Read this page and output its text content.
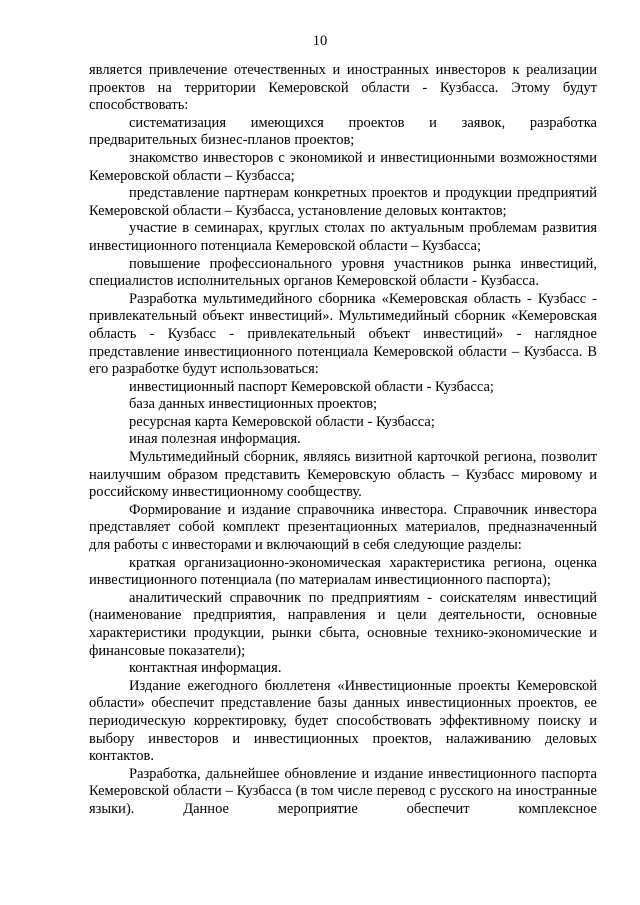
10

является привлечение отечественных и иностранных инвесторов к реализации проектов на территории Кемеровской области - Кузбасса. Этому будут способствовать:

систематизация имеющихся проектов и заявок, разработка предварительных бизнес-планов проектов;

знакомство инвесторов с экономикой и инвестиционными возможностями Кемеровской области – Кузбасса;

представление партнерам конкретных проектов и продукции предприятий Кемеровской области – Кузбасса, установление деловых контактов;

участие в семинарах, круглых столах по актуальным проблемам развития инвестиционного потенциала Кемеровской области – Кузбасса;

повышение профессионального уровня участников рынка инвестиций, специалистов исполнительных органов Кемеровской области - Кузбасса.

Разработка мультимедийного сборника «Кемеровская область - Кузбасс - привлекательный объект инвестиций». Мультимедийный сборник «Кемеровская область - Кузбасс - привлекательный объект инвестиций» - наглядное представление инвестиционного потенциала Кемеровской области – Кузбасса. В его разработке будут использоваться:

инвестиционный паспорт Кемеровской области - Кузбасса;

база данных инвестиционных проектов;

ресурсная карта Кемеровской области - Кузбасса;

иная полезная информация.

Мультимедийный сборник, являясь визитной карточкой региона, позволит наилучшим образом представить Кемеровскую область – Кузбасс мировому и российскому инвестиционному сообществу.

Формирование и издание справочника инвестора. Справочник инвестора представляет собой комплект презентационных материалов, предназначенный для работы с инвесторами и включающий в себя следующие разделы:

краткая организационно-экономическая характеристика региона, оценка инвестиционного потенциала (по материалам инвестиционного паспорта);

аналитический справочник по предприятиям - соискателям инвестиций (наименование предприятия, направления и цели деятельности, основные характеристики продукции, рынки сбыта, основные технико-экономические и финансовые показатели);

контактная информация.

Издание ежегодного бюллетеня «Инвестиционные проекты Кемеровской области» обеспечит представление базы данных инвестиционных проектов, ее периодическую корректировку, будет способствовать эффективному поиску и выбору инвесторов и инвестиционных проектов, налаживанию деловых контактов.

Разработка, дальнейшее обновление и издание инвестиционного паспорта Кемеровской области – Кузбасса (в том числе перевод с русского на иностранные языки). Данное мероприятие обеспечит комплексное
